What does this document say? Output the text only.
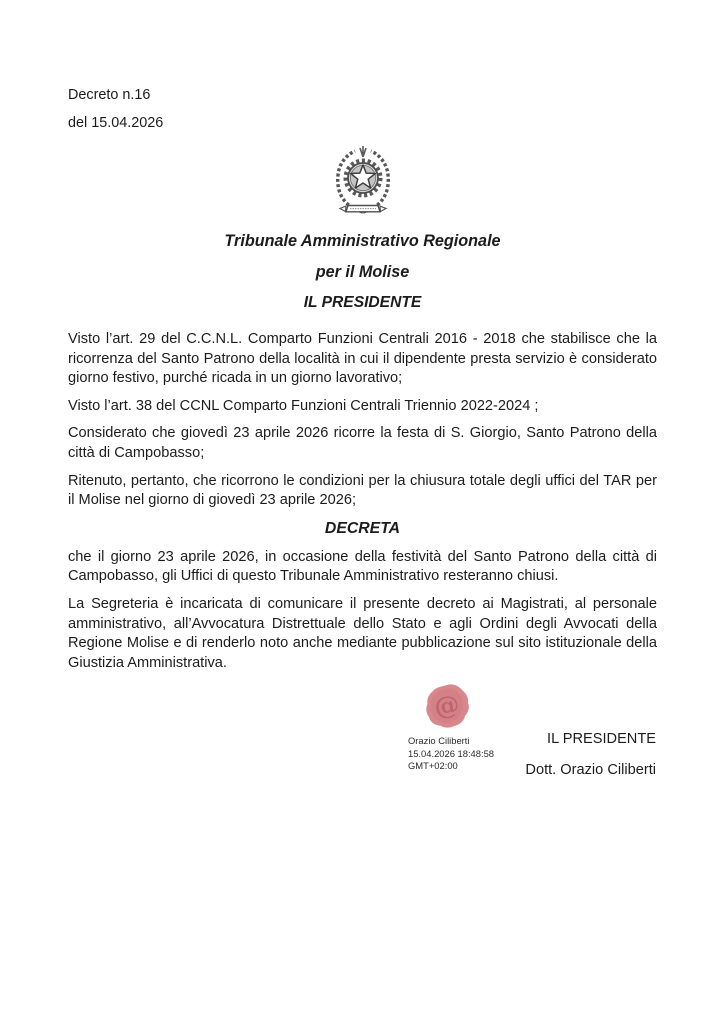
Decreto n.16
del 15.04.2026
Tribunale Amministrativo Regionale
per il Molise
IL PRESIDENTE

Visto l’art. 29 del C.C.N.L. Comparto Funzioni Centrali 2016 - 2018 che stabilisce che la ricorrenza del Santo Patrono della località in cui il dipendente presta servizio è considerato giorno festivo, purché ricada in un giorno lavorativo;

Visto l’art. 38 del CCNL Comparto Funzioni Centrali Triennio 2022-2024 ;

Considerato che giovedì 23 aprile 2026 ricorre la festa di S. Giorgio, Santo Patrono della città di Campobasso;

Ritenuto, pertanto, che ricorrono le condizioni per la chiusura totale degli uffici del TAR per il Molise nel giorno di giovedì 23 aprile 2026;

DECRETA

che il giorno 23 aprile 2026, in occasione della festività del Santo Patrono della città di Campobasso, gli Uffici di questo Tribunale Amministrativo resteranno chiusi.

La Segreteria è incaricata di comunicare il presente decreto ai Magistrati, al personale amministrativo, all’Avvocatura Distrettuale dello Stato e agli Ordini degli Avvocati della Regione Molise e di renderlo noto anche mediante pubblicazione sul sito istituzionale della Giustizia Amministrativa.

@
Orazio Ciliberti
15.04.2026 18:48:58
GMT+02:00
IL PRESIDENTE
Dott. Orazio Ciliberti
